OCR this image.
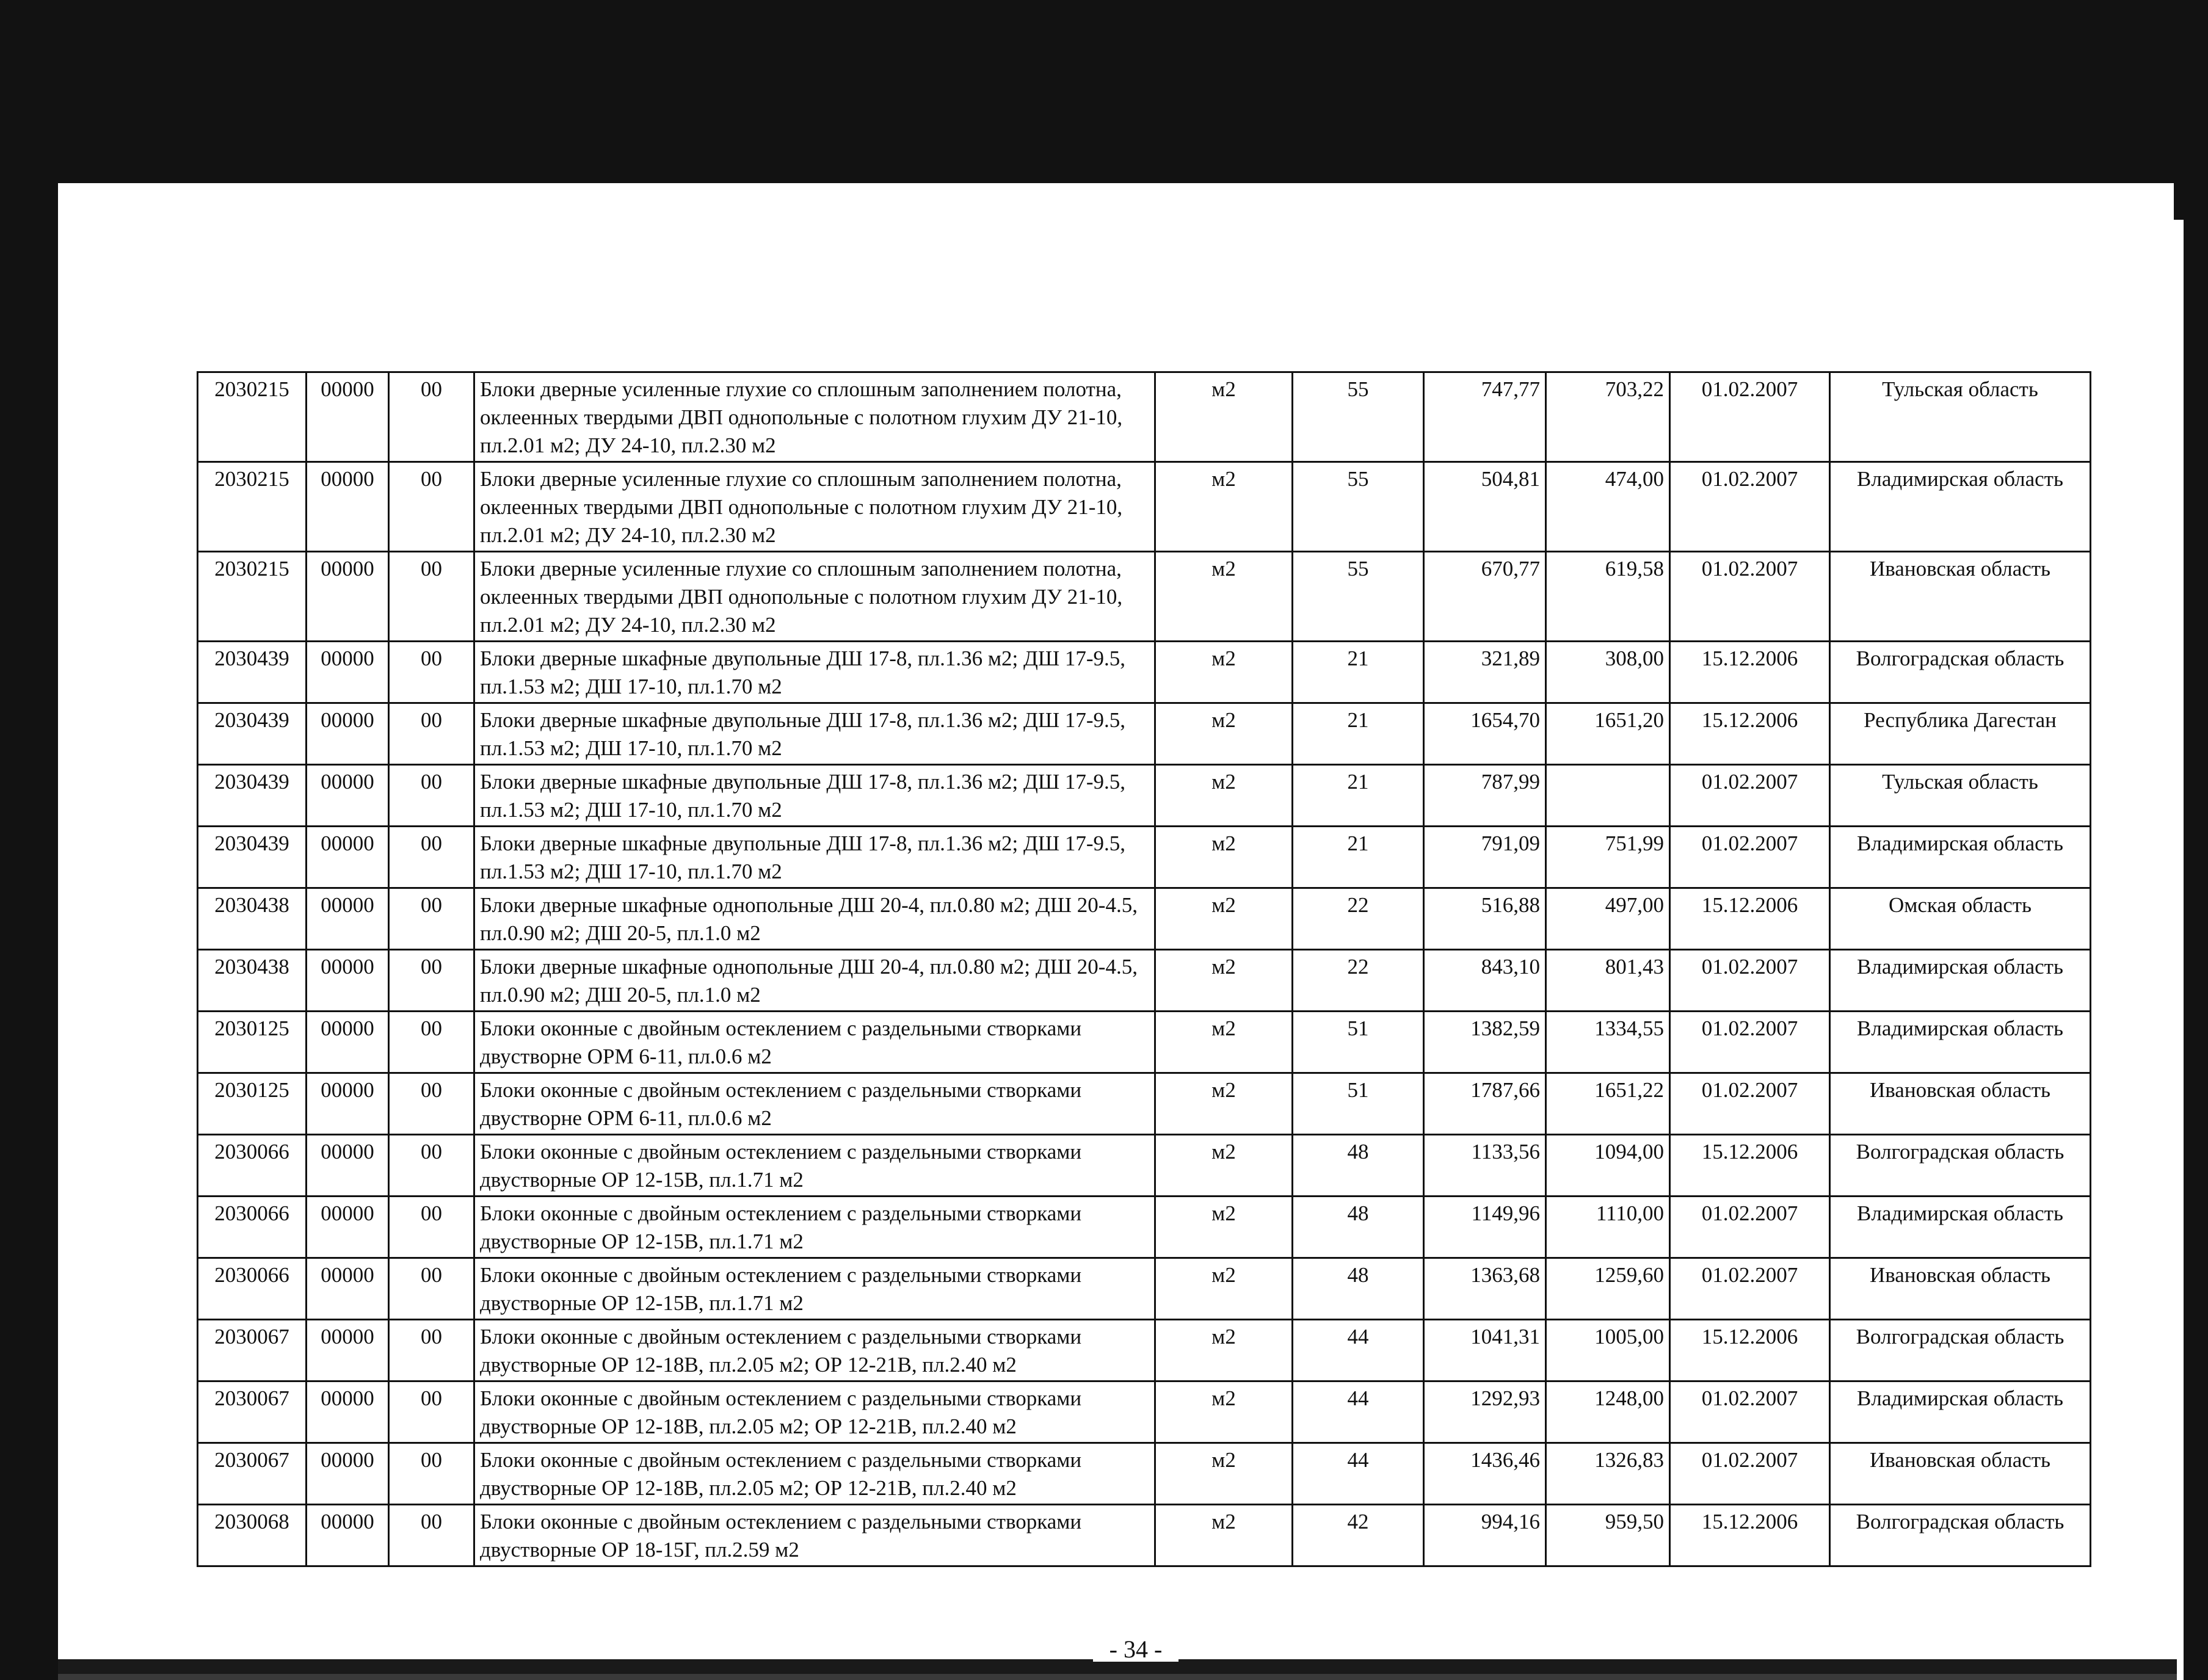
2030215	00000	00	Блоки дверные усиленные глухие со сплошным заполнением полотна, оклеенных твердыми ДВП однопольные с полотном глухим ДУ 21-10, пл.2.01 м2; ДУ 24-10, пл.2.30 м2	м2	55	747,77	703,22	01.02.2007	Тульская область
2030215	00000	00	Блоки дверные усиленные глухие со сплошным заполнением полотна, оклеенных твердыми ДВП однопольные с полотном глухим ДУ 21-10, пл.2.01 м2; ДУ 24-10, пл.2.30 м2	м2	55	504,81	474,00	01.02.2007	Владимирская область
2030215	00000	00	Блоки дверные усиленные глухие со сплошным заполнением полотна, оклеенных твердыми ДВП однопольные с полотном глухим ДУ 21-10, пл.2.01 м2; ДУ 24-10, пл.2.30 м2	м2	55	670,77	619,58	01.02.2007	Ивановская область
2030439	00000	00	Блоки дверные шкафные двупольные ДШ 17-8, пл.1.36 м2; ДШ 17-9.5, пл.1.53 м2; ДШ 17-10, пл.1.70 м2	м2	21	321,89	308,00	15.12.2006	Волгоградская область
2030439	00000	00	Блоки дверные шкафные двупольные ДШ 17-8, пл.1.36 м2; ДШ 17-9.5, пл.1.53 м2; ДШ 17-10, пл.1.70 м2	м2	21	1654,70	1651,20	15.12.2006	Республика Дагестан
2030439	00000	00	Блоки дверные шкафные двупольные ДШ 17-8, пл.1.36 м2; ДШ 17-9.5, пл.1.53 м2; ДШ 17-10, пл.1.70 м2	м2	21	787,99		01.02.2007	Тульская область
2030439	00000	00	Блоки дверные шкафные двупольные ДШ 17-8, пл.1.36 м2; ДШ 17-9.5, пл.1.53 м2; ДШ 17-10, пл.1.70 м2	м2	21	791,09	751,99	01.02.2007	Владимирская область
2030438	00000	00	Блоки дверные шкафные однопольные ДШ 20-4, пл.0.80 м2; ДШ 20-4.5, пл.0.90 м2; ДШ 20-5, пл.1.0 м2	м2	22	516,88	497,00	15.12.2006	Омская область
2030438	00000	00	Блоки дверные шкафные однопольные ДШ 20-4, пл.0.80 м2; ДШ 20-4.5, пл.0.90 м2; ДШ 20-5, пл.1.0 м2	м2	22	843,10	801,43	01.02.2007	Владимирская область
2030125	00000	00	Блоки оконные с двойным остеклением с раздельными створками двустворне ОРМ 6-11, пл.0.6 м2	м2	51	1382,59	1334,55	01.02.2007	Владимирская область
2030125	00000	00	Блоки оконные с двойным остеклением с раздельными створками двустворне ОРМ 6-11, пл.0.6 м2	м2	51	1787,66	1651,22	01.02.2007	Ивановская область
2030066	00000	00	Блоки оконные с двойным остеклением с раздельными створками двустворные ОР 12-15В, пл.1.71 м2	м2	48	1133,56	1094,00	15.12.2006	Волгоградская область
2030066	00000	00	Блоки оконные с двойным остеклением с раздельными створками двустворные ОР 12-15В, пл.1.71 м2	м2	48	1149,96	1110,00	01.02.2007	Владимирская область
2030066	00000	00	Блоки оконные с двойным остеклением с раздельными створками двустворные ОР 12-15В, пл.1.71 м2	м2	48	1363,68	1259,60	01.02.2007	Ивановская область
2030067	00000	00	Блоки оконные с двойным остеклением с раздельными створками двустворные ОР 12-18В, пл.2.05 м2; ОР 12-21В, пл.2.40 м2	м2	44	1041,31	1005,00	15.12.2006	Волгоградская область
2030067	00000	00	Блоки оконные с двойным остеклением с раздельными створками двустворные ОР 12-18В, пл.2.05 м2; ОР 12-21В, пл.2.40 м2	м2	44	1292,93	1248,00	01.02.2007	Владимирская область
2030067	00000	00	Блоки оконные с двойным остеклением с раздельными створками двустворные ОР 12-18В, пл.2.05 м2; ОР 12-21В, пл.2.40 м2	м2	44	1436,46	1326,83	01.02.2007	Ивановская область
2030068	00000	00	Блоки оконные с двойным остеклением с раздельными створками двустворные ОР 18-15Г, пл.2.59 м2	м2	42	994,16	959,50	15.12.2006	Волгоградская область
- 34 -
